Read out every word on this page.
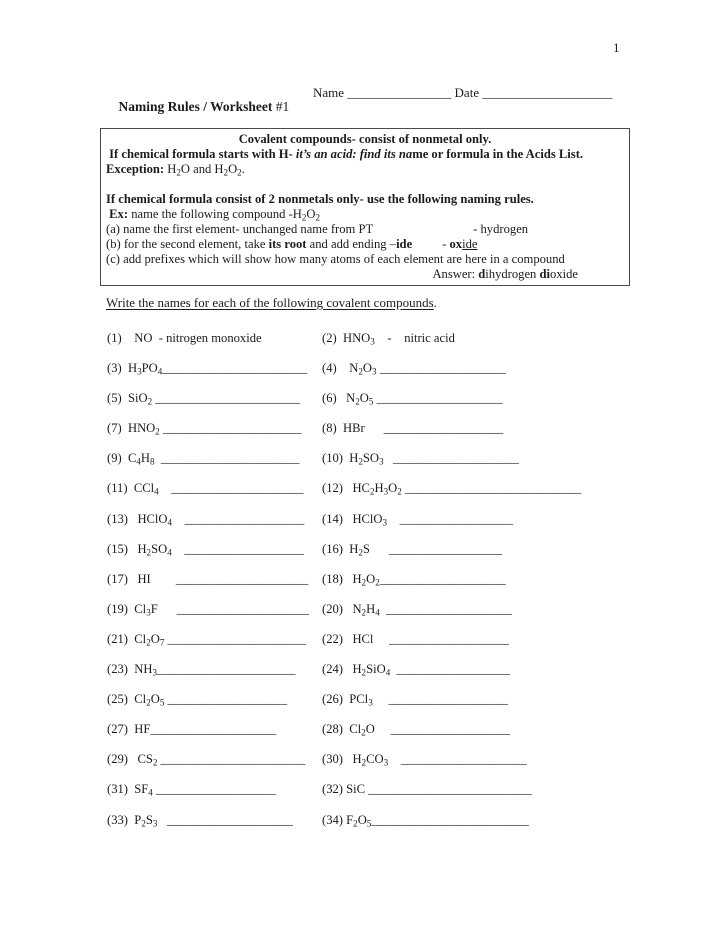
1

Naming Rules / Worksheet #1

Name ________________ Date ____________________

Covalent compounds- consist of nonmetal only.
If chemical formula starts with H- it’s an acid: find its name or formula in the Acids List.
Exception: $H_2O$ and $H_2O_2$.

If chemical formula consist of 2 nonmetals only- use the following naming rules.
Ex: name the following compound $-H_2O_2$
(a) name the first element- unchanged name from PT	- hydrogen
(b) for the second element, take its root and add ending –ide - oxide
(c) add prefixes which will show how many atoms of each element are here in a compound
Answer: dihydrogen dioxide
Write the names for each of the following covalent compounds.
(1)    NO  - nitrogen monoxide	(2)  $HNO_3$    -    nitric acid
(3)  $H_3PO_4\_\_\_\_\_\_\_\_\_\_\_\_\_\_\_\_\_\_\_\_\_\_\_$ (4)    $N_2O_3$ ____________________
(5)  SiO$_2$ _______________________ (6)   $N_2O_5$ ____________________
(7)  $HNO_2$ ______________________ (8)  HBr      ___________________
(9)  $C_4H_8$  ______________________ (10)  $H_2SO_3$   ____________________
(11)  CCl$_4$    _____________________ (12)   $HC_2H_3O_2$ ____________________________
(13)   HClO$_4$    ___________________ (14)   HClO$_3$    __________________
(15)   $H_2SO_4$    ___________________ (16)  $H_2S$      __________________
(17)   HI        _____________________ (18)   $H_2O_2\_\_\_\_\_\_\_\_\_\_\_\_\_\_\_\_\_\_\_\_$
(19)  $Cl_3F$      _____________________ (20)   $N_2H_4$  ____________________
(21)  $Cl_2O_7$ ______________________ (22)   HCl     ___________________
(23)  $NH_3\_\_\_\_\_\_\_\_\_\_\_\_\_\_\_\_\_\_\_\_\_\_$ (24)   $H_2SiO_4$  __________________
(25)  $Cl_2O_5$ ___________________	(26)  PCl$_3$     ___________________
(27)  HF____________________	(28)  $Cl_2O$     ___________________
(29)   $CS_2$ _______________________ (30)   $H_2CO_3$    ____________________
(31)  $SF_4$ ___________________	(32) SiC __________________________
(33)  $P_2S_3$   ____________________ (34) $F_2O_5\_\_\_\_\_\_\_\_\_\_\_\_\_\_\_\_\_\_\_\_\_\_\_\_\_$
